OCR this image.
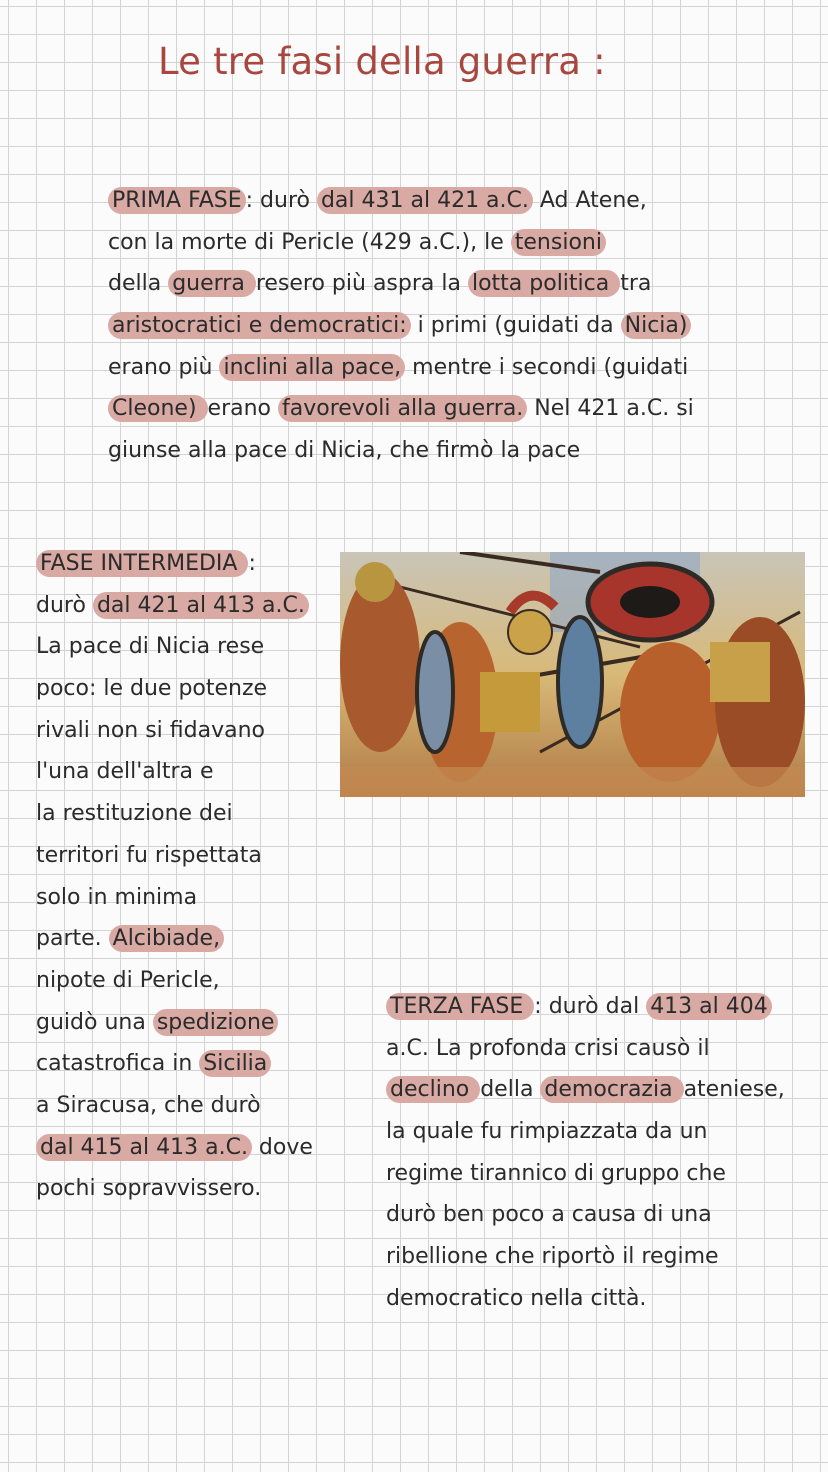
Le tre fasi della guerra :
PRIMA FASE : durò dal 431 al 421 a.C. Ad Atene,
con la morte di Pericle (429 a.C.), le tensioni
della guerra resero più aspra la lotta politica tra
aristocratici e democratici: i primi (guidati da Nicia)
erano più inclini alla pace, mentre i secondi (guidati
Cleone) erano favorevoli alla guerra. Nel 421 a.C. si
giunse alla pace di Nicia, che firmò la pace
FASE INTERMEDIA :
durò dal 421 al 413 a.C.
La pace di Nicia rese
poco: le due potenze
rivali non si fidavano
l'una dell'altra e
la restituzione dei
territori fu rispettata
solo in minima
parte. Alcibiade,
nipote di Pericle,
guidò una spedizione
catastrofica in Sicilia
a Siracusa, che durò
dal 415 al 413 a.C. dove
pochi sopravvissero.
TERZA FASE : durò dal 413 al 404
a.C. La profonda crisi causò il
declino della democrazia ateniese,
la quale fu rimpiazzata da un
regime tirannico di gruppo che
durò ben poco a causa di una
ribellione che riportò il regime
democratico nella città.
